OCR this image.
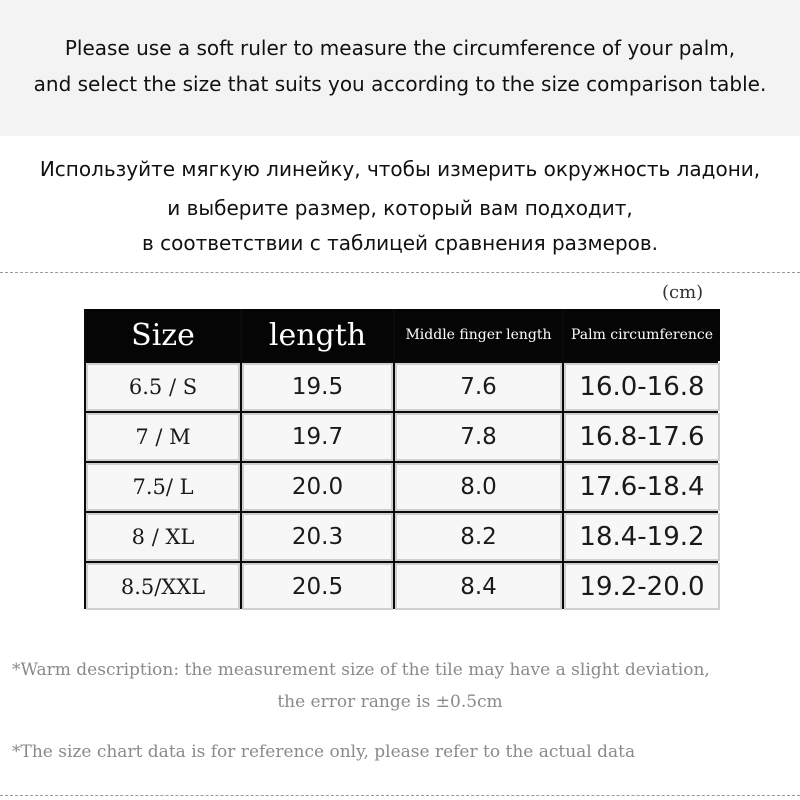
Please use a soft ruler to measure the circumference of your palm,
and select the size that suits you according to the size comparison table.
Используйте мягкую линейку, чтобы измерить окружность ладони,
и выберите размер, который вам подходит,
в соответствии с таблицей сравнения размеров.
(cm)
Size	length	Middle finger length	Palm circumference
6.5 / S	19.5	7.6	16.0-16.8
7 / M	19.7	7.8	16.8-17.6
7.5/ L	20.0	8.0	17.6-18.4
8 / XL	20.3	8.2	18.4-19.2
8.5/XXL	20.5	8.4	19.2-20.0
*Warm description: the measurement size of the tile may have a slight deviation,
the error range is ±0.5cm
*The size chart data is for reference only, please refer to the actual data
